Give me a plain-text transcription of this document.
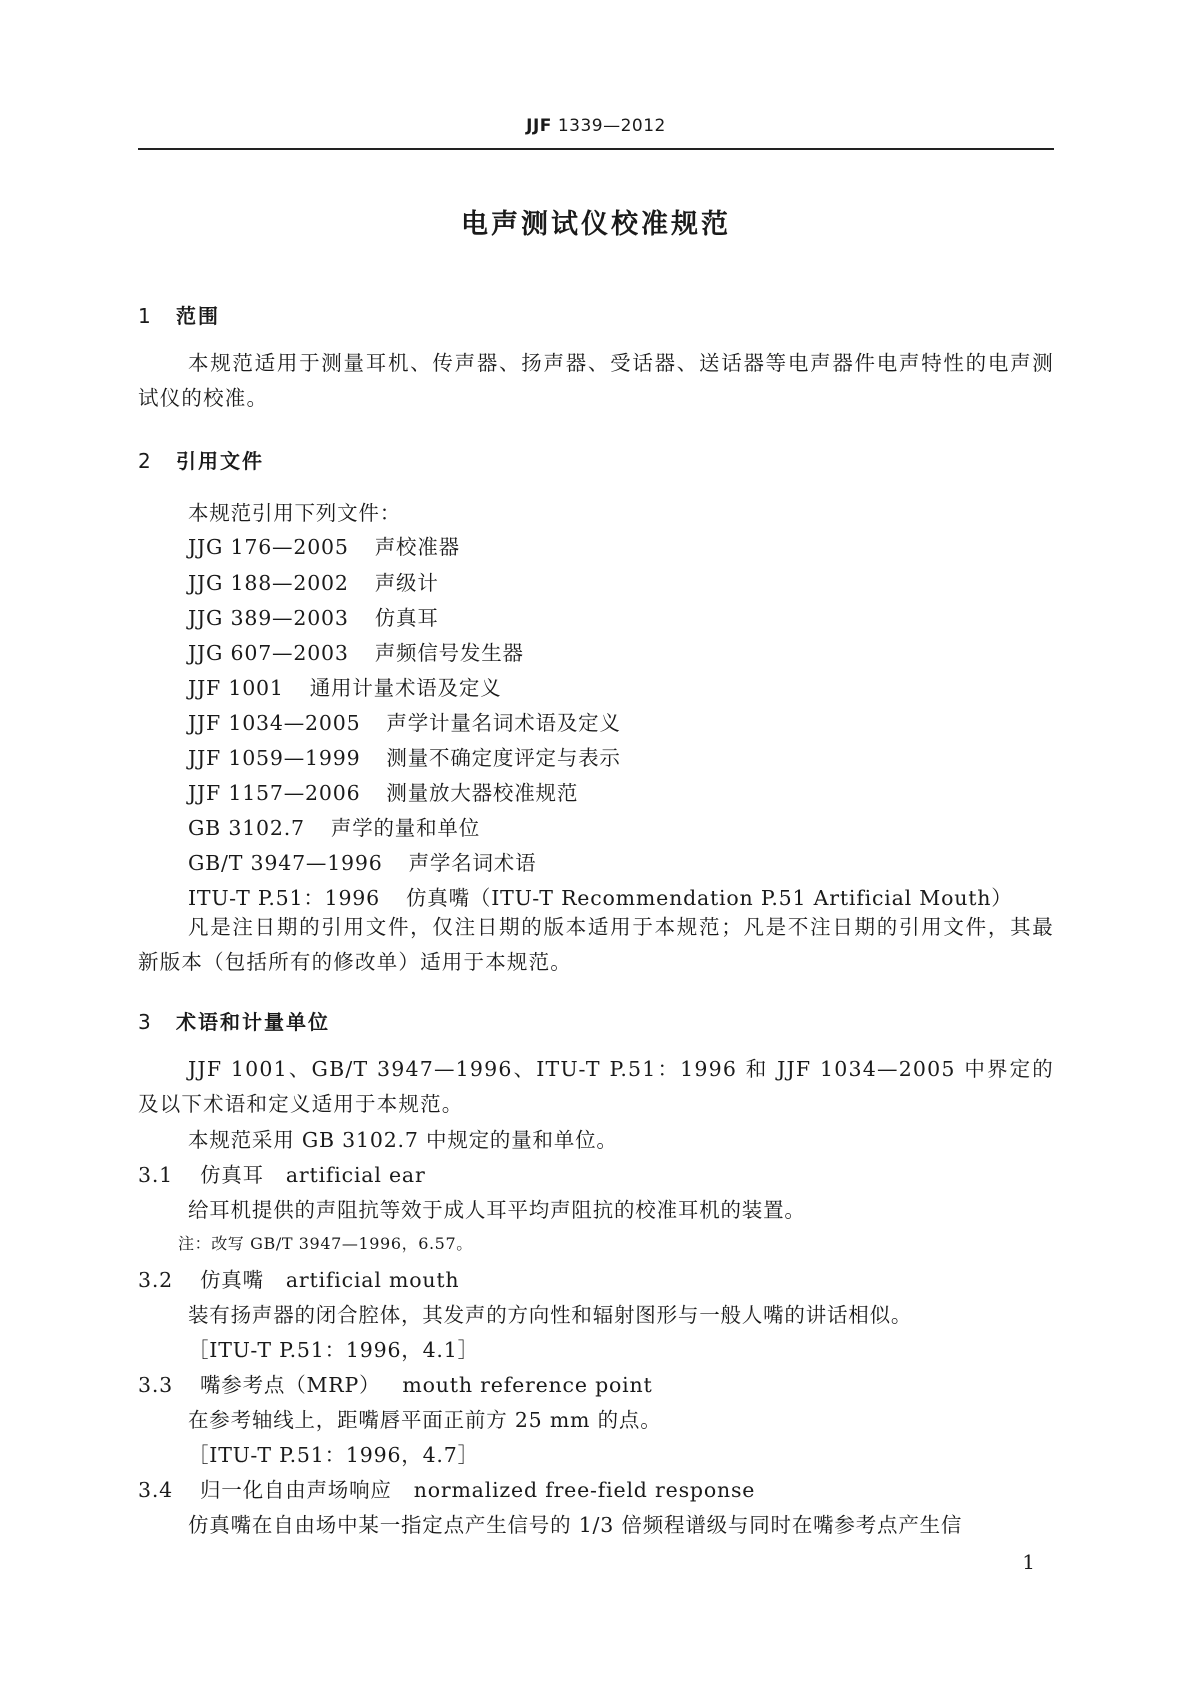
JJF 1339—2012
电声测试仪校准规范
1 范围

本规范适用于测量耳机、传声器、扬声器、受话器、送话器等电声器件电声特性的电声测试仪的校准。

2 引用文件
本规范引用下列文件：
JJG 176—2005 声校准器
JJG 188—2002 声级计
JJG 389—2003 仿真耳
JJG 607—2003 声频信号发生器
JJF 1001 通用计量术语及定义
JJF 1034—2005 声学计量名词术语及定义
JJF 1059—1999 测量不确定度评定与表示
JJF 1157—2006 测量放大器校准规范
GB 3102.7 声学的量和单位
GB/T 3947—1996 声学名词术语
ITU-T P.51：1996 仿真嘴（ITU-T Recommendation P.51 Artificial Mouth）

凡是注日期的引用文件，仅注日期的版本适用于本规范；凡是不注日期的引用文件，其最新版本（包括所有的修改单）适用于本规范。

3 术语和计量单位

JJF 1001、GB/T 3947—1996、ITU-T P.51：1996 和 JJF 1034—2005 中界定的及以下术语和定义适用于本规范。

本规范采用 GB 3102.7 中规定的量和单位。
3.1 仿真耳 artificial ear
给耳机提供的声阻抗等效于成人耳平均声阻抗的校准耳机的装置。
注：改写 GB/T 3947—1996，6.57。
3.2 仿真嘴 artificial mouth
装有扬声器的闭合腔体，其发声的方向性和辐射图形与一般人嘴的讲话相似。
［ITU-T P.51：1996，4.1］
3.3 嘴参考点（MRP） mouth reference point
在参考轴线上，距嘴唇平面正前方 25 mm 的点。
［ITU-T P.51：1996，4.7］
3.4 归一化自由声场响应 normalized free-field response
仿真嘴在自由场中某一指定点产生信号的 1/3 倍频程谱级与同时在嘴参考点产生信
1
